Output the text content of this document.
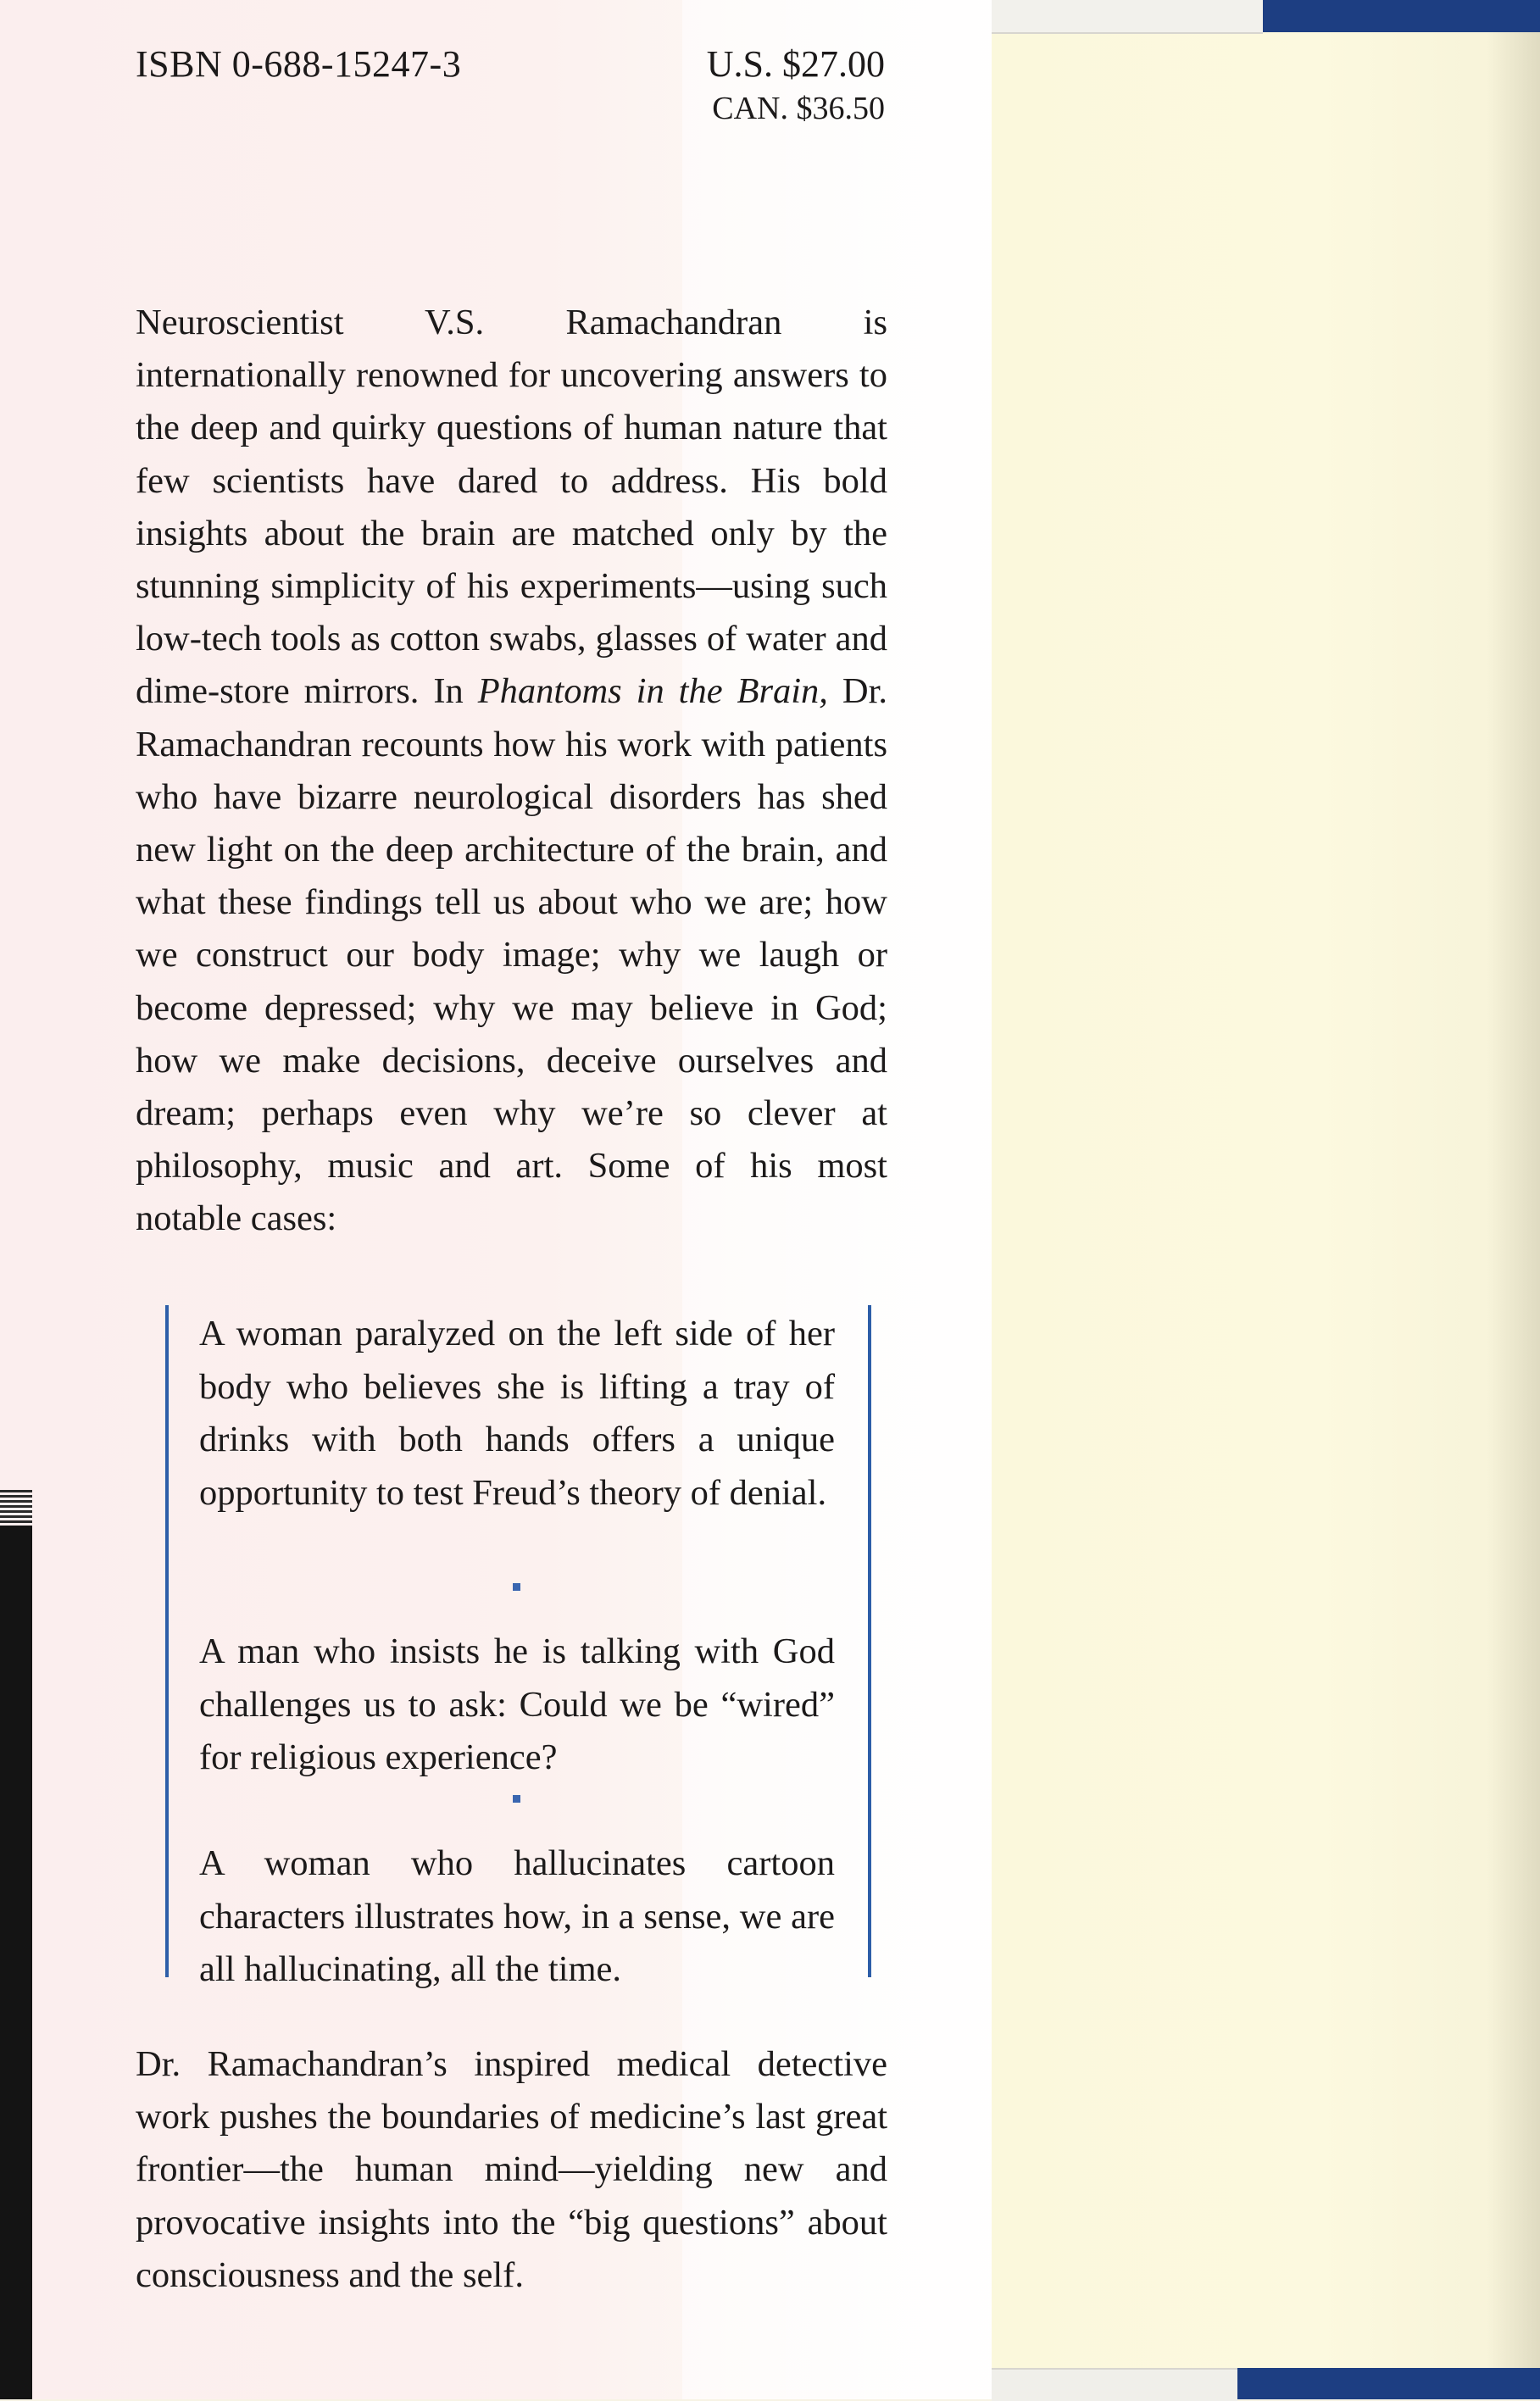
ISBN 0-688-15247-3	U.S. $27.00
CAN. $36.50
Neuroscientist V.S. Ramachandran is internationally renowned for uncovering answers to the deep and quirky questions of human nature that few scientists have dared to address. His bold insights about the brain are matched only by the stunning simplicity of his experiments—using such low-tech tools as cotton swabs, glasses of water and dime-store mirrors. In Phantoms in the Brain, Dr. Ramachandran recounts how his work with patients who have bizarre neurological disorders has shed new light on the deep architecture of the brain, and what these findings tell us about who we are; how we construct our body image; why we laugh or become depressed; why we may believe in God; how we make decisions, deceive ourselves and dream; perhaps even why we’re so clever at philosophy, music and art. Some of his most notable cases:
A woman paralyzed on the left side of her body who believes she is lifting a tray of drinks with both hands offers a unique opportunity to test Freud’s theory of denial.
A man who insists he is talking with God challenges us to ask: Could we be “wired” for religious experience?
A woman who hallucinates cartoon characters illustrates how, in a sense, we are all hallucinating, all the time.
Dr. Ramachandran’s inspired medical detective work pushes the boundaries of medicine’s last great frontier—the human mind—yielding new and provocative insights into the “big questions” about consciousness and the self.
